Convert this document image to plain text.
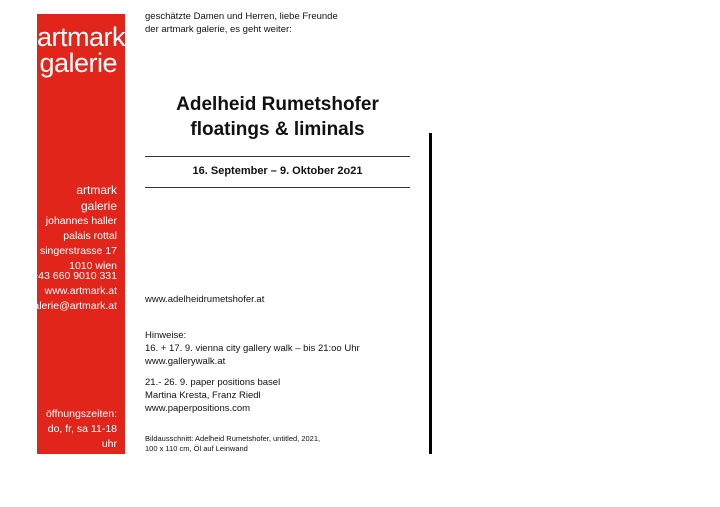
artmark
galerie
artmark galerie
johannes haller
palais rottal
singerstrasse 17
1010 wien
+43 660 9010 331
www.artmark.at
galerie@artmark.at
öffnungszeiten:
do, fr, sa 11-18 uhr
+ nach vereinbarung
geschätzte Damen und Herren, liebe Freunde
der artmark galerie, es geht weiter:
Adelheid Rumetshofer
floatings & liminals
16. September – 9. Oktober 2o21
www.adelheidrumetshofer.at
Hinweise:
16. + 17. 9. vienna city gallery walk – bis 21:oo Uhr
www.gallerywalk.at
21.- 26. 9. paper positions basel
Martina Kresta, Franz Riedl
www.paperpositions.com
Bildausschnitt: Adelheid Rumetshofer, untitled, 2021,
100 x 110 cm, Öl auf Leinwand
